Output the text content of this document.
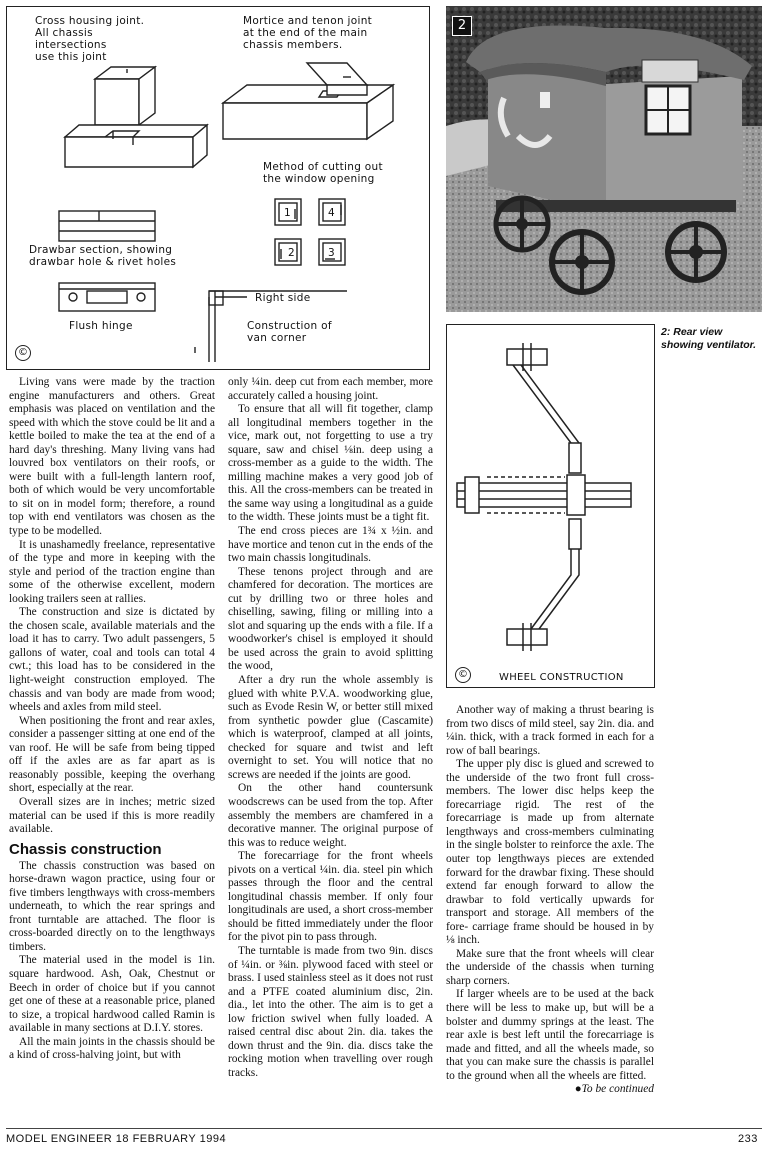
Cross housing joint.
All chassis
intersections
use this joint
Mortice and tenon joint
at the end of the main
chassis members.
Method of cutting out
the window opening
Drawbar section, showing
drawbar hole & rivet holes
Flush hinge
Right side
Construction of
van corner
©
1	4
2	3
2
2: Rear view showing ventilator.
©	WHEEL CONSTRUCTION

Living vans were made by the traction engine manufacturers and others. Great emphasis was placed on ventilation and the speed with which the stove could be lit and a kettle boiled to make the tea at the end of a hard day's threshing. Many living vans had louvred box ventilators on their roofs, or were built with a full-length lantern roof, both of which would be very uncomfortable to sit on in model form; therefore, a round top with end ventilators was chosen as the type to be modelled.

It is unashamedly freelance, representative of the type and more in keeping with the style and period of the traction engine than some of the otherwise excellent, modern looking trailers seen at rallies.

The construction and size is dictated by the chosen scale, available materials and the load it has to carry. Two adult passengers, 5 gallons of water, coal and tools can total 4 cwt.; this load has to be considered in the light-weight construction employed. The chassis and van body are made from wood; wheels and axles from mild steel.

When positioning the front and rear axles, consider a passenger sitting at one end of the van roof. He will be safe from being tipped off if the axles are as far apart as is reasonably possible, keeping the overhang short, especially at the rear.

Overall sizes are in inches; metric sized material can be used if this is more readily available.

Chassis construction

The chassis construction was based on horse-drawn wagon practice, using four or five timbers lengthways with cross-members underneath, to which the rear springs and front turntable are attached. The floor is cross-boarded directly on to the lengthways timbers.

The material used in the model is 1in. square hardwood. Ash, Oak, Chestnut or Beech in order of choice but if you cannot get one of these at a reasonable price, planed to size, a tropical hardwood called Ramin is available in many sections at D.I.Y. stores.

All the main joints in the chassis should be a kind of cross-halving joint, but with

only ¼in. deep cut from each member, more accurately called a housing joint.

To ensure that all will fit together, clamp all longitudinal members together in the vice, mark out, not forgetting to use a try square, saw and chisel ⅛in. deep using a cross-member as a guide to the width. The milling machine makes a very good job of this. All the cross-members can be treated in the same way using a longitudinal as a guide to the width. These joints must be a tight fit.

The end cross pieces are 1¾ x ½in. and have mortice and tenon cut in the ends of the two main chassis longitudinals.

These tenons project through and are chamfered for decoration. The mortices are cut by drilling two or three holes and chiselling, sawing, filing or milling into a slot and squaring up the ends with a file. If a woodworker's chisel is employed it should be used across the grain to avoid splitting the wood,

After a dry run the whole assembly is glued with white P.V.A. woodworking glue, such as Evode Resin W, or better still mixed from synthetic powder glue (Cascamite) which is waterproof, clamped at all joints, checked for square and twist and left overnight to set. You will notice that no screws are needed if the joints are good.

On the other hand countersunk woodscrews can be used from the top. After assembly the members are chamfered in a decorative manner. The original purpose of this was to reduce weight.

The forecarriage for the front wheels pivots on a vertical ¼in. dia. steel pin which passes through the floor and the central longitudinal chassis member. If only four longitudinals are used, a short cross-member should be fitted immediately under the floor for the pivot pin to pass through.

The turntable is made from two 9in. discs of ¼in. or ⅜in. plywood faced with steel or brass. I used stainless steel as it does not rust and a PTFE coated aluminium disc, 2in. dia., let into the other. The aim is to get a low friction swivel when fully loaded. A raised central disc about 2in. dia. takes the down thrust and the 9in. dia. discs take the rocking motion when travelling over rough tracks.

Another way of making a thrust bearing is from two discs of mild steel, say 2in. dia. and ¼in. thick, with a track formed in each for a row of ball bearings.

The upper ply disc is glued and screwed to the underside of the two front full cross-members. The lower disc helps keep the forecarriage rigid. The rest of the forecarriage is made up from alternate lengthways and cross-members culminating in the single bolster to reinforce the axle. The outer top lengthways pieces are extended forward for the drawbar fixing. These should extend far enough forward to allow the drawbar to fold vertically upwards for transport and storage. All members of the fore- carriage frame should be housed in by ⅛ inch.

Make sure that the front wheels will clear the underside of the chassis when turning sharp corners.

If larger wheels are to be used at the back there will be less to make up, but will be a bolster and dummy springs at the least. The rear axle is best left until the forecarriage is made and fitted, and all the wheels made, so that you can make sure the chassis is parallel to the ground when all the wheels are fitted.

●To be continued

MODEL ENGINEER 18 FEBRUARY 1994	233
